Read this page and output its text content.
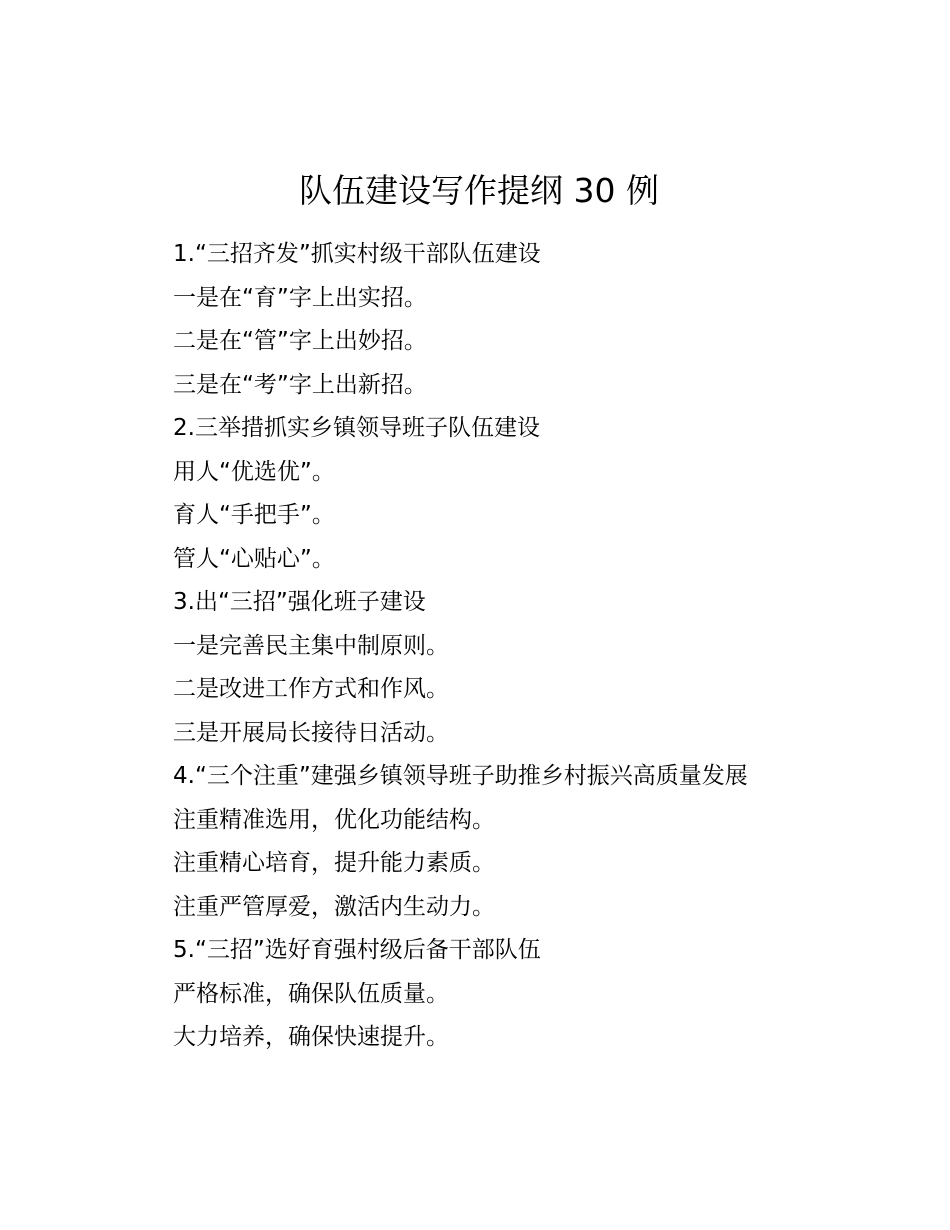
队伍建设写作提纲 30 例

1.“三招齐发”抓实村级干部队伍建设

一是在“育”字上出实招。

二是在“管”字上出妙招。

三是在“考”字上出新招。

2.三举措抓实乡镇领导班子队伍建设

用人“优选优”。

育人“手把手”。

管人“心贴心”。

3.出“三招”强化班子建设

一是完善民主集中制原则。

二是改进工作方式和作风。

三是开展局长接待日活动。

4.“三个注重”建强乡镇领导班子助推乡村振兴高质量发展

注重精准选用，优化功能结构。

注重精心培育，提升能力素质。

注重严管厚爱，激活内生动力。

5.“三招”选好育强村级后备干部队伍

严格标准，确保队伍质量。

大力培养，确保快速提升。
